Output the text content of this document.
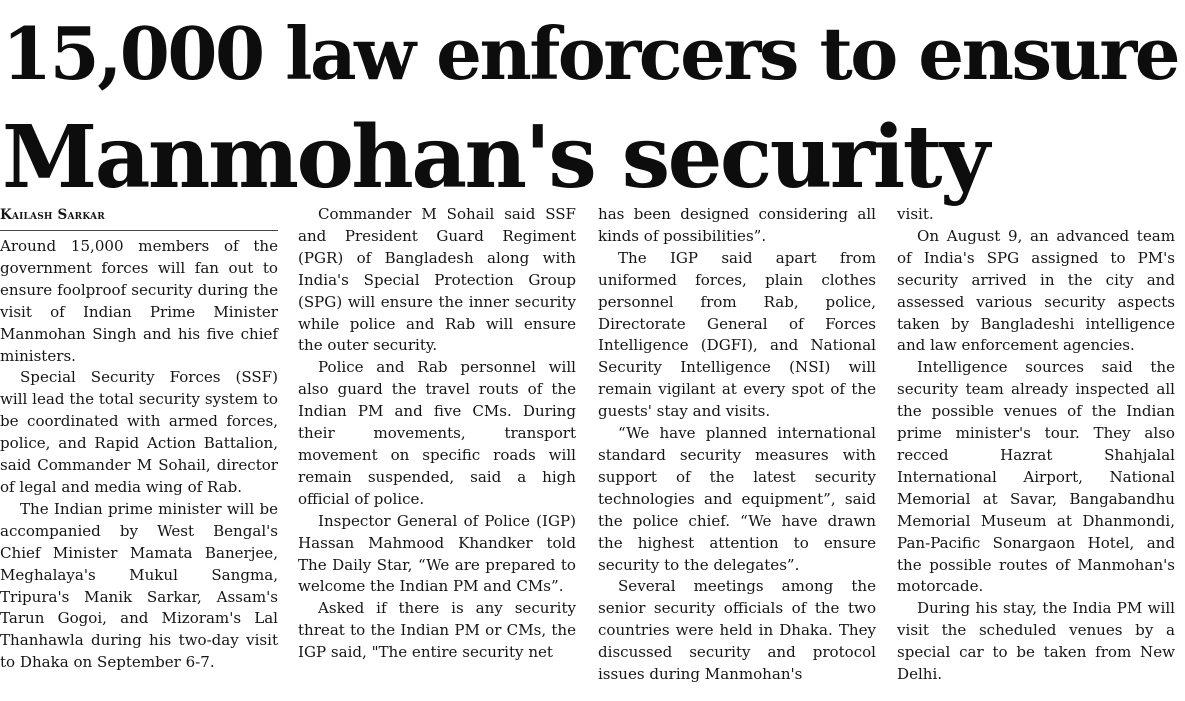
15,000 law enforcers to ensure
Manmohan's security
Kailash Sarkar

Around 15,000 members of the government forces will fan out to ensure foolproof security during the visit of Indian Prime Minister Manmohan Singh and his five chief ministers.

Special Security Forces (SSF) will lead the total security system to be coordinated with armed forces, police, and Rapid Action Battalion, said Commander M Sohail, director of legal and media wing of Rab.

The Indian prime minister will be accompanied by West Bengal's Chief Minister Mamata Banerjee, Meghalaya's Mukul Sangma, Tripura's Manik Sarkar, Assam's Tarun Gogoi, and Mizoram's Lal Thanhawla during his two-day visit to Dhaka on September 6-7.

Commander M Sohail said SSF and President Guard Regiment (PGR) of Bangladesh along with India's Special Protection Group (SPG) will ensure the inner security while police and Rab will ensure the outer security.

Police and Rab personnel will also guard the travel routs of the Indian PM and five CMs. During their movements, transport movement on specific roads will remain suspended, said a high official of police.

Inspector General of Police (IGP) Hassan Mahmood Khandker told The Daily Star, “We are prepared to welcome the Indian PM and CMs”.

Asked if there is any security threat to the Indian PM or CMs, the IGP said, "The entire security net

has been designed considering all kinds of possibilities”.

The IGP said apart from uniformed forces, plain clothes personnel from Rab, police, Directorate General of Forces Intelligence (DGFI), and National Security Intelligence (NSI) will remain vigilant at every spot of the guests' stay and visits.

“We have planned international standard security measures with support of the latest security technologies and equipment”, said the police chief. “We have drawn the highest attention to ensure security to the delegates”.

Several meetings among the senior security officials of the two countries were held in Dhaka. They discussed security and protocol issues during Manmohan's

visit.

On August 9, an advanced team of India's SPG assigned to PM's security arrived in the city and assessed various security aspects taken by Bangladeshi intelligence and law enforcement agencies.

Intelligence sources said the security team already inspected all the possible venues of the Indian prime minister's tour. They also recced Hazrat Shahjalal International Airport, National Memorial at Savar, Bangabandhu Memorial Museum at Dhanmondi, Pan-Pacific Sonargaon Hotel, and the possible routes of Manmohan's motorcade.

During his stay, the India PM will visit the scheduled venues by a special car to be taken from New Delhi.
